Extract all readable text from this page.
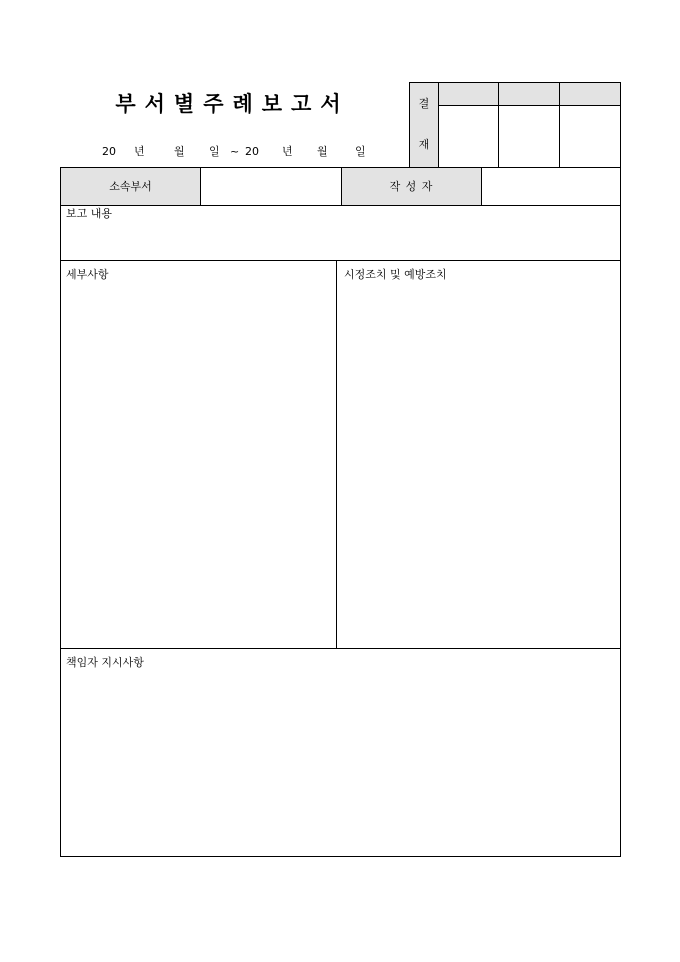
부서별주례보고서
20 년	월 일 ~ 20 년 월 일
결
재
소속부서	작 성 자
보고 내용
세부사항	시정조치 및 예방조치
책임자 지시사항
